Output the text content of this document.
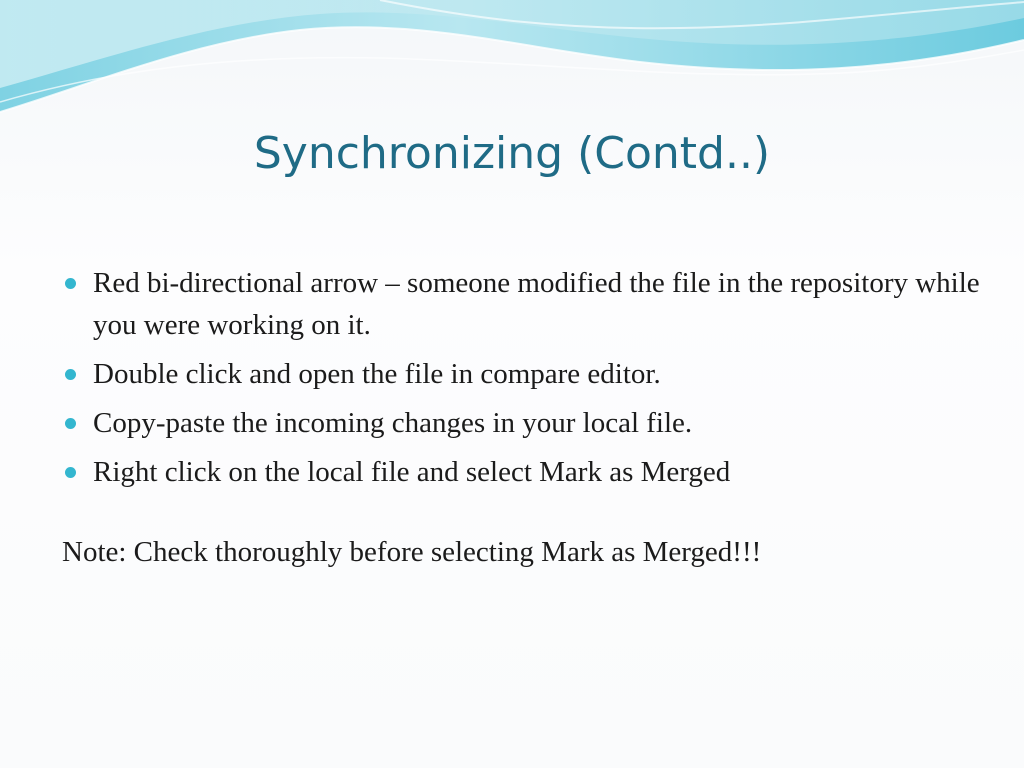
Synchronizing (Contd..)
Red bi-directional arrow – someone modified the file in the repository while you were working on it.
Double click and open the file in compare editor.
Copy-paste the incoming changes in your local file.
Right click on the local file and select Mark as Merged

Note: Check thoroughly before selecting Mark as Merged!!!
